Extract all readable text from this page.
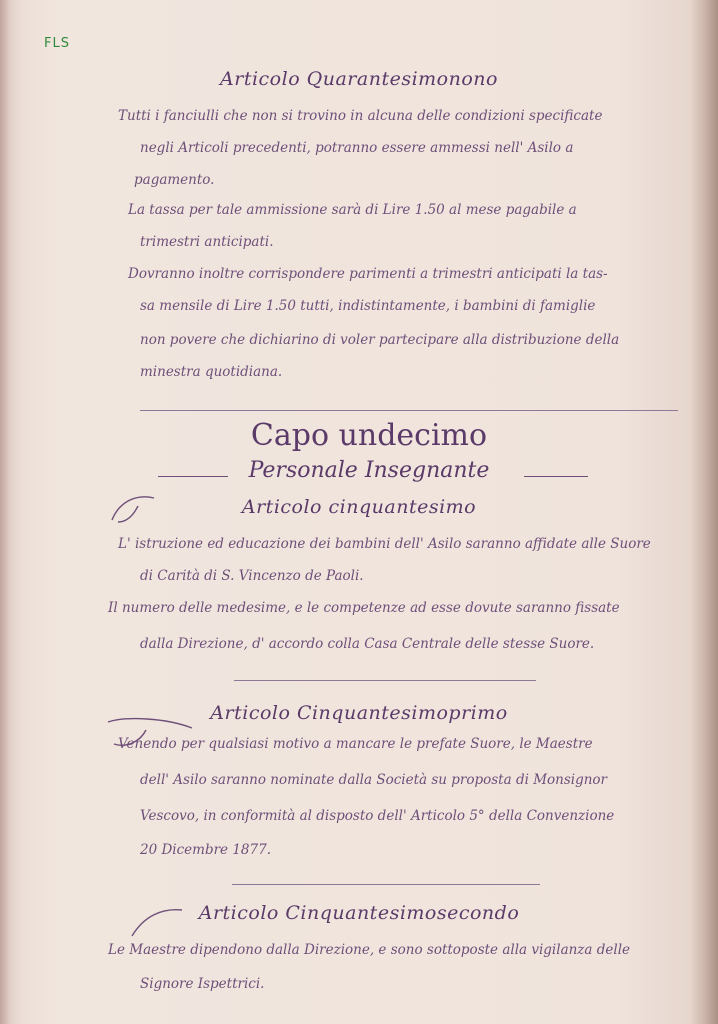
FLS
Articolo Quarantesimonono
Tutti i fanciulli che non si trovino in alcuna delle condizioni specificate
negli Articoli precedenti, potranno essere ammessi nell' Asilo a
pagamento.
La tassa per tale ammissione sarà di Lire 1.50 al mese pagabile a
trimestri anticipati.
Dovranno inoltre corrispondere parimenti a trimestri anticipati la tas-
sa mensile di Lire 1.50 tutti, indistintamente, i bambini di famiglie
non povere che dichiarino di voler partecipare alla distribuzione della
minestra quotidiana.
Capo undecimo
Personale Insegnante
Articolo cinquantesimo
L' istruzione ed educazione dei bambini dell' Asilo saranno affidate alle Suore
di Carità di S. Vincenzo de Paoli.
Il numero delle medesime, e le competenze ad esse dovute saranno fissate
dalla Direzione, d' accordo colla Casa Centrale delle stesse Suore.
Articolo Cinquantesimoprimo
Venendo per qualsiasi motivo a mancare le prefate Suore, le Maestre
dell' Asilo saranno nominate dalla Società su proposta di Monsignor
Vescovo, in conformità al disposto dell' Articolo 5° della Convenzione
20 Dicembre 1877.
Articolo Cinquantesimosecondo
Le Maestre dipendono dalla Direzione, e sono sottoposte alla vigilanza delle
Signore Ispettrici.
